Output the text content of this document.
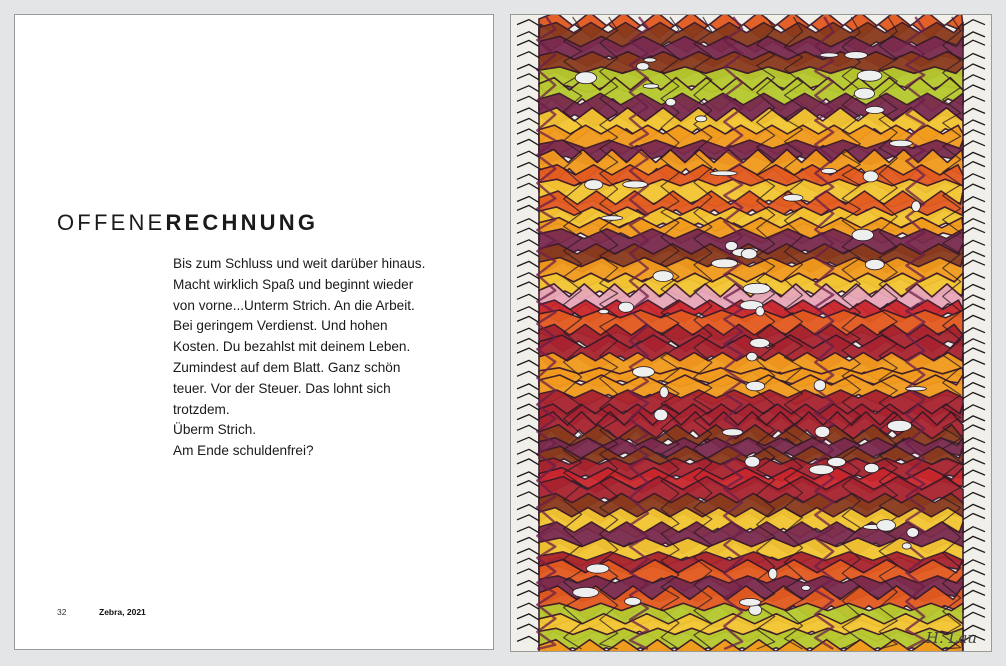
OFFENERECHNUNG
Bis zum Schluss und weit darüber hinaus.
Macht wirklich Spaß und beginnt wieder
von vorne...Unterm Strich. An die Arbeit.
Bei geringem Verdienst. Und hohen
Kosten. Du bezahlst mit deinem Leben.
Zumindest auf dem Blatt. Ganz schön
teuer. Vor der Steuer. Das lohnt sich
trotzdem.
Überm Strich.
Am Ende schuldenfrei?
32	Zebra, 2021
H. Lau
